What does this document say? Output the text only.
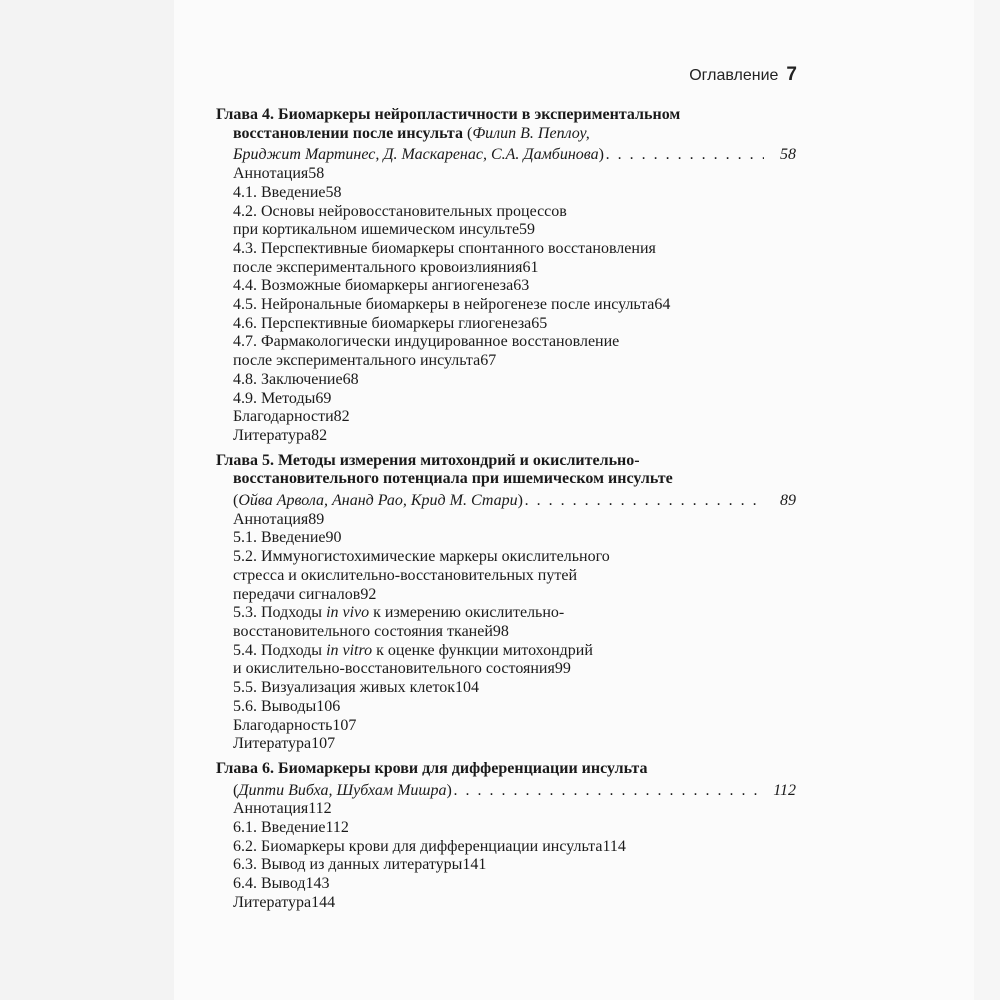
Оглавление 7
Глава 4. Биомаркеры нейропластичности в экспериментальном
восстановлении после инсульта (Филип В. Пеплоу,
Бриджит Мартинес, Д. Маскаренас, С.А. Дамбинова) . . .	58
Аннотация58
4.1. Введение58
4.2. Основы нейровосстановительных процессов
при кортикальном ишемическом инсульте59
4.3. Перспективные биомаркеры спонтанного восстановления
после экспериментального кровоизлияния61
4.4. Возможные биомаркеры ангиогенеза63
4.5. Нейрональные биомаркеры в нейрогенезе после инсульта64
4.6. Перспективные биомаркеры глиогенеза65
4.7. Фармакологически индуцированное восстановление
после экспериментального инсульта67
4.8. Заключение68
4.9. Методы69
Благодарности82
Литература82
Глава 5. Методы измерения митохондрий и окислительно-
восстановительного потенциала при ишемическом инсульте
(Ойва Арвола, Ананд Рао, Крид М. Стари) . . .	89
Аннотация89
5.1. Введение90
5.2. Иммуногистохимические маркеры окислительного
стресса и окислительно-восстановительных путей
передачи сигналов92
5.3. Подходы in vivo к измерению окислительно-
восстановительного состояния тканей98
5.4. Подходы in vitro к оценке функции митохондрий
и окислительно-восстановительного состояния99
5.5. Визуализация живых клеток104
5.6. Выводы106
Благодарность107
Литература107
Глава 6. Биомаркеры крови для дифференциации инсульта
(Дипти Вибха, Шубхам Мишра) . . .	112
Аннотация112
6.1. Введение112
6.2. Биомаркеры крови для дифференциации инсульта114
6.3. Вывод из данных литературы141
6.4. Вывод143
Литература144
